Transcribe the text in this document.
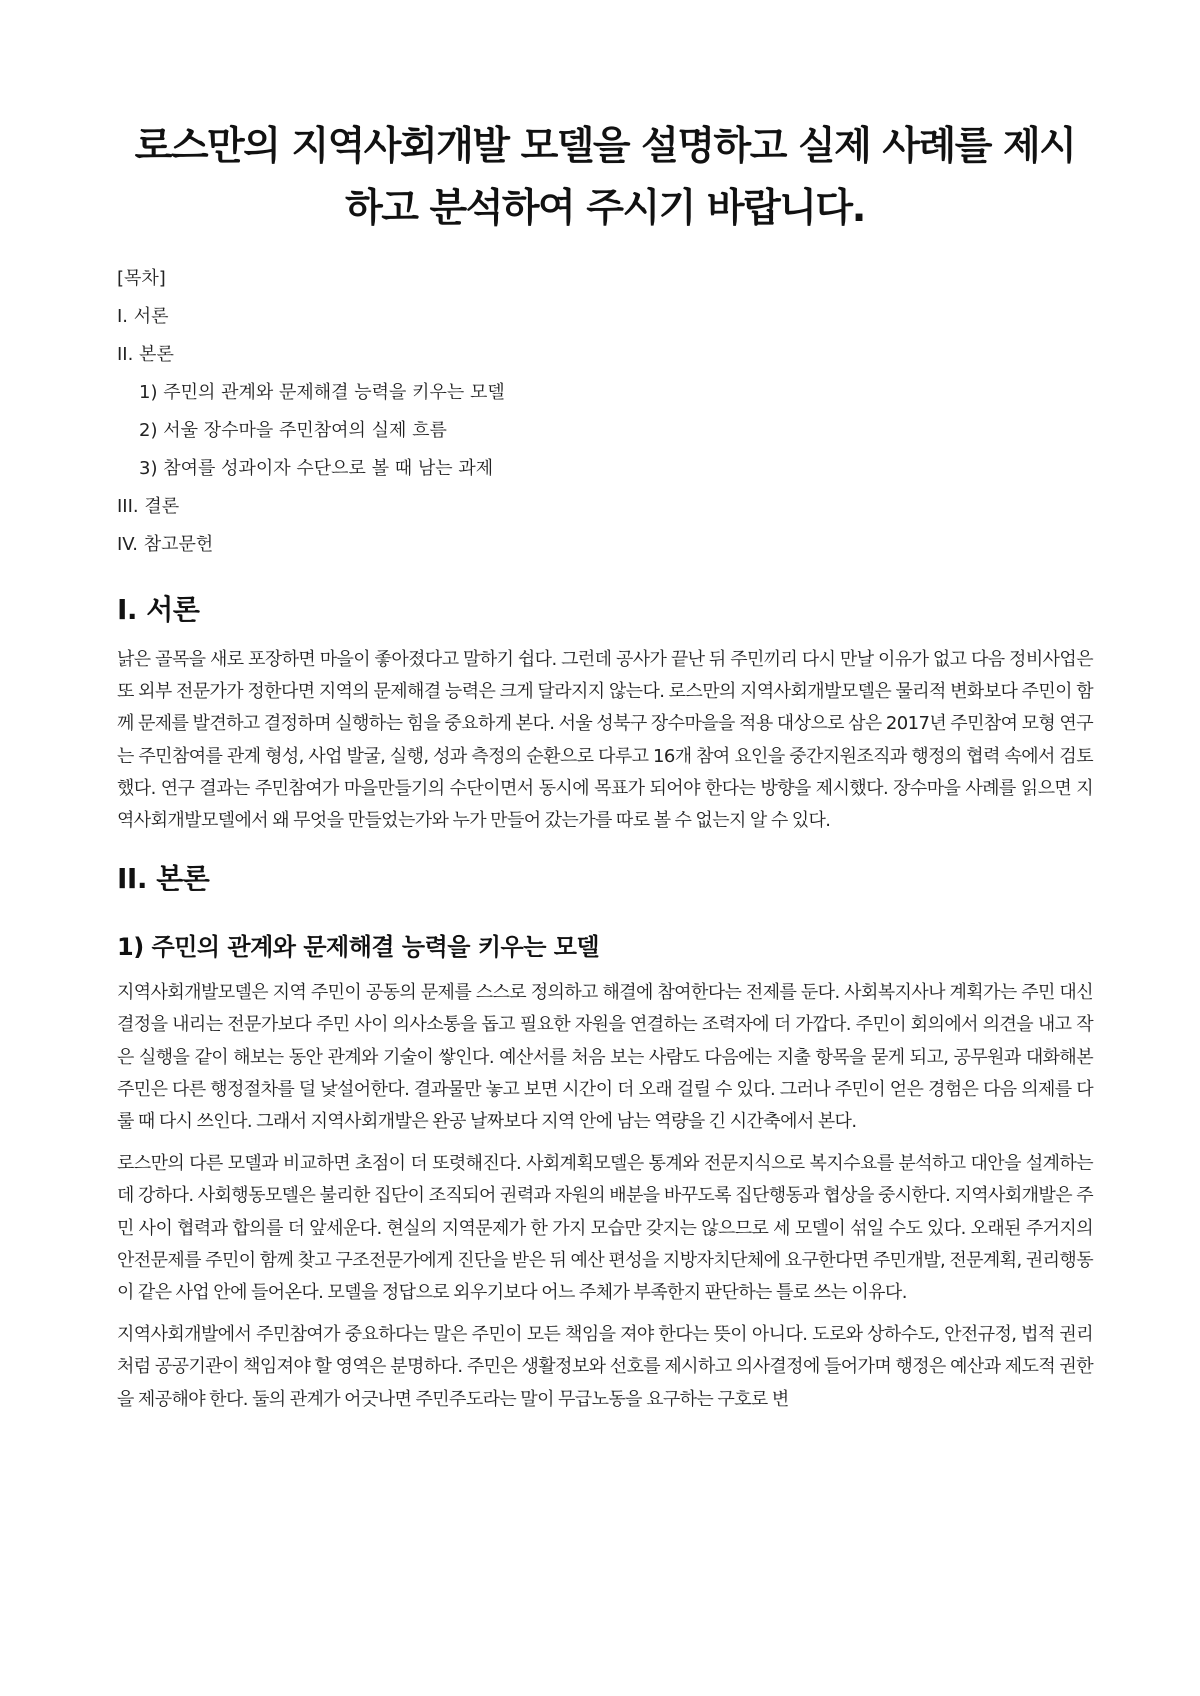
로스만의 지역사회개발 모델을 설명하고 실제 사례를 제시하고 분석하여 주시기 바랍니다.
[목차]
I. 서론
II. 본론
1) 주민의 관계와 문제해결 능력을 키우는 모델
2) 서울 장수마을 주민참여의 실제 흐름
3) 참여를 성과이자 수단으로 볼 때 남는 과제
III. 결론
IV. 참고문헌
I. 서론

낡은 골목을 새로 포장하면 마을이 좋아졌다고 말하기 쉽다. 그런데 공사가 끝난 뒤 주민끼리 다시 만날 이유가 없고 다음 정비사업은 또 외부 전문가가 정한다면 지역의 문제해결 능력은 크게 달라지지 않는다. 로스만의 지역사회개발모델은 물리적 변화보다 주민이 함께 문제를 발견하고 결정하며 실행하는 힘을 중요하게 본다. 서울 성북구 장수마을을 적용 대상으로 삼은 2017년 주민참여 모형 연구는 주민참여를 관계 형성, 사업 발굴, 실행, 성과 측정의 순환으로 다루고 16개 참여 요인을 중간지원조직과 행정의 협력 속에서 검토했다. 연구 결과는 주민참여가 마을만들기의 수단이면서 동시에 목표가 되어야 한다는 방향을 제시했다. 장수마을 사례를 읽으면 지역사회개발모델에서 왜 무엇을 만들었는가와 누가 만들어 갔는가를 따로 볼 수 없는지 알 수 있다.

II. 본론
1) 주민의 관계와 문제해결 능력을 키우는 모델

지역사회개발모델은 지역 주민이 공동의 문제를 스스로 정의하고 해결에 참여한다는 전제를 둔다. 사회복지사나 계획가는 주민 대신 결정을 내리는 전문가보다 주민 사이 의사소통을 돕고 필요한 자원을 연결하는 조력자에 더 가깝다. 주민이 회의에서 의견을 내고 작은 실행을 같이 해보는 동안 관계와 기술이 쌓인다. 예산서를 처음 보는 사람도 다음에는 지출 항목을 묻게 되고, 공무원과 대화해본 주민은 다른 행정절차를 덜 낯설어한다. 결과물만 놓고 보면 시간이 더 오래 걸릴 수 있다. 그러나 주민이 얻은 경험은 다음 의제를 다룰 때 다시 쓰인다. 그래서 지역사회개발은 완공 날짜보다 지역 안에 남는 역량을 긴 시간축에서 본다.

로스만의 다른 모델과 비교하면 초점이 더 또렷해진다. 사회계획모델은 통계와 전문지식으로 복지수요를 분석하고 대안을 설계하는 데 강하다. 사회행동모델은 불리한 집단이 조직되어 권력과 자원의 배분을 바꾸도록 집단행동과 협상을 중시한다. 지역사회개발은 주민 사이 협력과 합의를 더 앞세운다. 현실의 지역문제가 한 가지 모습만 갖지는 않으므로 세 모델이 섞일 수도 있다. 오래된 주거지의 안전문제를 주민이 함께 찾고 구조전문가에게 진단을 받은 뒤 예산 편성을 지방자치단체에 요구한다면 주민개발, 전문계획, 권리행동이 같은 사업 안에 들어온다. 모델을 정답으로 외우기보다 어느 주체가 부족한지 판단하는 틀로 쓰는 이유다.

지역사회개발에서 주민참여가 중요하다는 말은 주민이 모든 책임을 져야 한다는 뜻이 아니다. 도로와 상하수도, 안전규정, 법적 권리처럼 공공기관이 책임져야 할 영역은 분명하다. 주민은 생활정보와 선호를 제시하고 의사결정에 들어가며 행정은 예산과 제도적 권한을 제공해야 한다. 둘의 관계가 어긋나면 주민주도라는 말이 무급노동을 요구하는 구호로 변
